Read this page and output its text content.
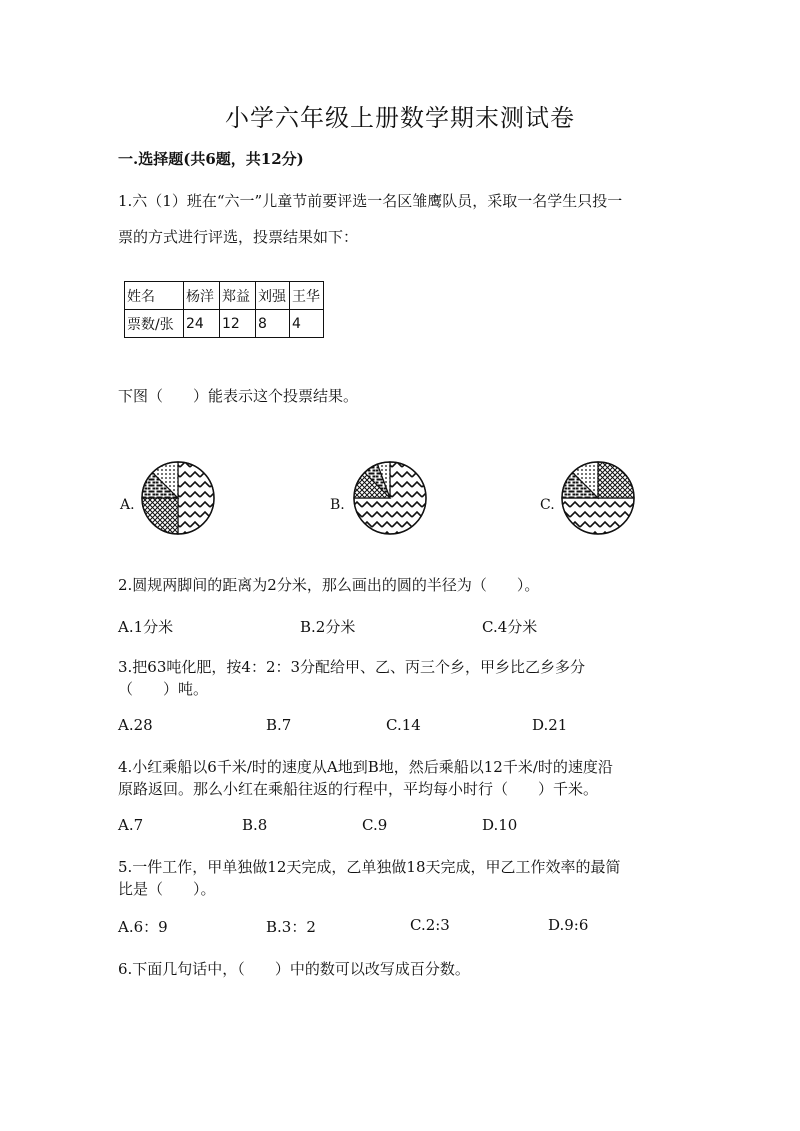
小学六年级上册数学期末测试卷
一.选择题(共6题，共12分)
1.六（1）班在“六一”儿童节前要评选一名区雏鹰队员，采取一名学生只投一
票的方式进行评选，投票结果如下：
姓名	杨洋	郑益	刘强	王华
票数/张	24	12	8	4
下图（　　）能表示这个投票结果。
A.	B.	C.
2.圆规两脚间的距离为2分米，那么画出的圆的半径为（　　）。
A.1分米	B.2分米	C.4分米
3.把63吨化肥，按4：2：3分配给甲、乙、丙三个乡，甲乡比乙乡多分
（　　）吨。
A.28	B.7	C.14	D.21
4.小红乘船以6千米/时的速度从A地到B地，然后乘船以12千米/时的速度沿
原路返回。那么小红在乘船往返的行程中，平均每小时行（　　）千米。
A.7	B.8	C.9	D.10
5.一件工作，甲单独做12天完成，乙单独做18天完成，甲乙工作效率的最简
比是（　　）。
A.6：9	B.3：2	C.2:3	D.9:6
6.下面几句话中，（　　）中的数可以改写成百分数。
